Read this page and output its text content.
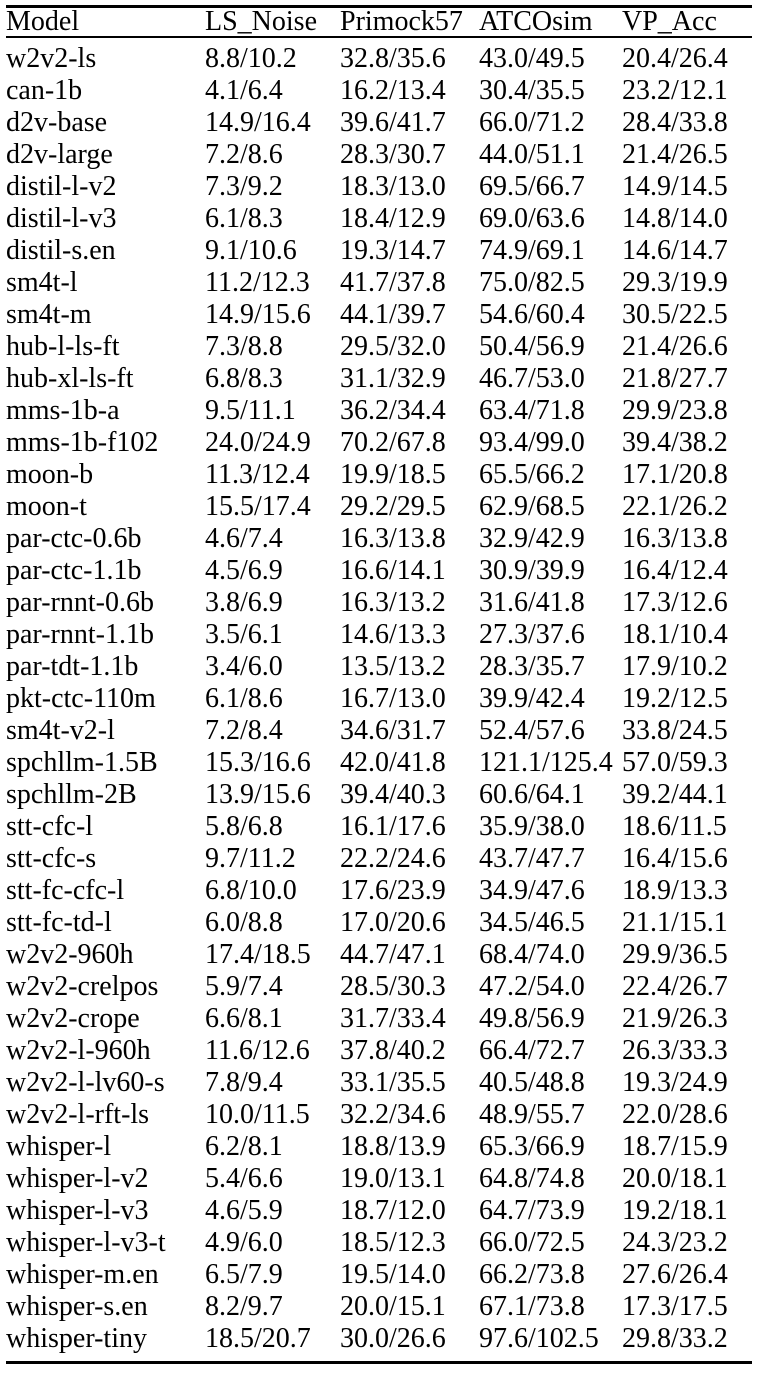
Model	LS_Noise	Primock57	ATCOsim	VP_Acc
w2v2-ls	8.8/10.2	32.8/35.6	43.0/49.5	20.4/26.4
can-1b	4.1/6.4	16.2/13.4	30.4/35.5	23.2/12.1
d2v-base	14.9/16.4	39.6/41.7	66.0/71.2	28.4/33.8
d2v-large	7.2/8.6	28.3/30.7	44.0/51.1	21.4/26.5
distil-l-v2	7.3/9.2	18.3/13.0	69.5/66.7	14.9/14.5
distil-l-v3	6.1/8.3	18.4/12.9	69.0/63.6	14.8/14.0
distil-s.en	9.1/10.6	19.3/14.7	74.9/69.1	14.6/14.7
sm4t-l	11.2/12.3	41.7/37.8	75.0/82.5	29.3/19.9
sm4t-m	14.9/15.6	44.1/39.7	54.6/60.4	30.5/22.5
hub-l-ls-ft	7.3/8.8	29.5/32.0	50.4/56.9	21.4/26.6
hub-xl-ls-ft	6.8/8.3	31.1/32.9	46.7/53.0	21.8/27.7
mms-1b-a	9.5/11.1	36.2/34.4	63.4/71.8	29.9/23.8
mms-1b-f102	24.0/24.9	70.2/67.8	93.4/99.0	39.4/38.2
moon-b	11.3/12.4	19.9/18.5	65.5/66.2	17.1/20.8
moon-t	15.5/17.4	29.2/29.5	62.9/68.5	22.1/26.2
par-ctc-0.6b	4.6/7.4	16.3/13.8	32.9/42.9	16.3/13.8
par-ctc-1.1b	4.5/6.9	16.6/14.1	30.9/39.9	16.4/12.4
par-rnnt-0.6b	3.8/6.9	16.3/13.2	31.6/41.8	17.3/12.6
par-rnnt-1.1b	3.5/6.1	14.6/13.3	27.3/37.6	18.1/10.4
par-tdt-1.1b	3.4/6.0	13.5/13.2	28.3/35.7	17.9/10.2
pkt-ctc-110m	6.1/8.6	16.7/13.0	39.9/42.4	19.2/12.5
sm4t-v2-l	7.2/8.4	34.6/31.7	52.4/57.6	33.8/24.5
spchllm-1.5B	15.3/16.6	42.0/41.8	121.1/125.4	57.0/59.3
spchllm-2B	13.9/15.6	39.4/40.3	60.6/64.1	39.2/44.1
stt-cfc-l	5.8/6.8	16.1/17.6	35.9/38.0	18.6/11.5
stt-cfc-s	9.7/11.2	22.2/24.6	43.7/47.7	16.4/15.6
stt-fc-cfc-l	6.8/10.0	17.6/23.9	34.9/47.6	18.9/13.3
stt-fc-td-l	6.0/8.8	17.0/20.6	34.5/46.5	21.1/15.1
w2v2-960h	17.4/18.5	44.7/47.1	68.4/74.0	29.9/36.5
w2v2-crelpos	5.9/7.4	28.5/30.3	47.2/54.0	22.4/26.7
w2v2-crope	6.6/8.1	31.7/33.4	49.8/56.9	21.9/26.3
w2v2-l-960h	11.6/12.6	37.8/40.2	66.4/72.7	26.3/33.3
w2v2-l-lv60-s	7.8/9.4	33.1/35.5	40.5/48.8	19.3/24.9
w2v2-l-rft-ls	10.0/11.5	32.2/34.6	48.9/55.7	22.0/28.6
whisper-l	6.2/8.1	18.8/13.9	65.3/66.9	18.7/15.9
whisper-l-v2	5.4/6.6	19.0/13.1	64.8/74.8	20.0/18.1
whisper-l-v3	4.6/5.9	18.7/12.0	64.7/73.9	19.2/18.1
whisper-l-v3-t	4.9/6.0	18.5/12.3	66.0/72.5	24.3/23.2
whisper-m.en	6.5/7.9	19.5/14.0	66.2/73.8	27.6/26.4
whisper-s.en	8.2/9.7	20.0/15.1	67.1/73.8	17.3/17.5
whisper-tiny	18.5/20.7	30.0/26.6	97.6/102.5	29.8/33.2
